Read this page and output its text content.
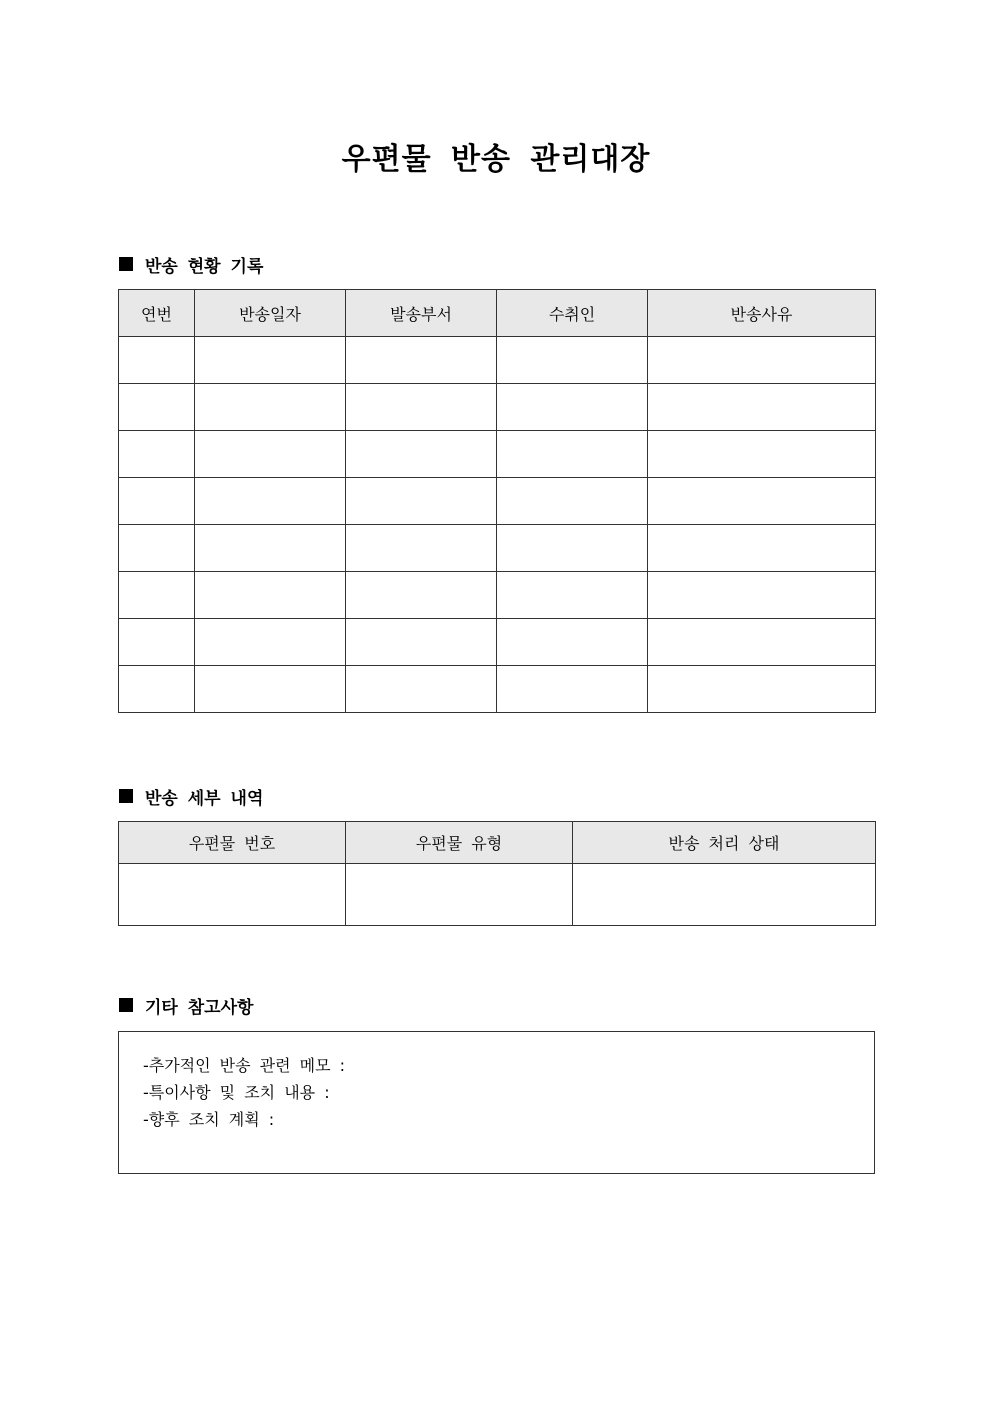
우편물 반송 관리대장
반송 현황 기록
연번	반송일자	발송부서	수취인	반송사유

반송 세부 내역
우편물 번호	우편물 유형	반송 처리 상태

기타 참고사항
-추가적인 반송 관련 메모 :
-특이사항 및 조치 내용 :
-향후 조치 계획 :
